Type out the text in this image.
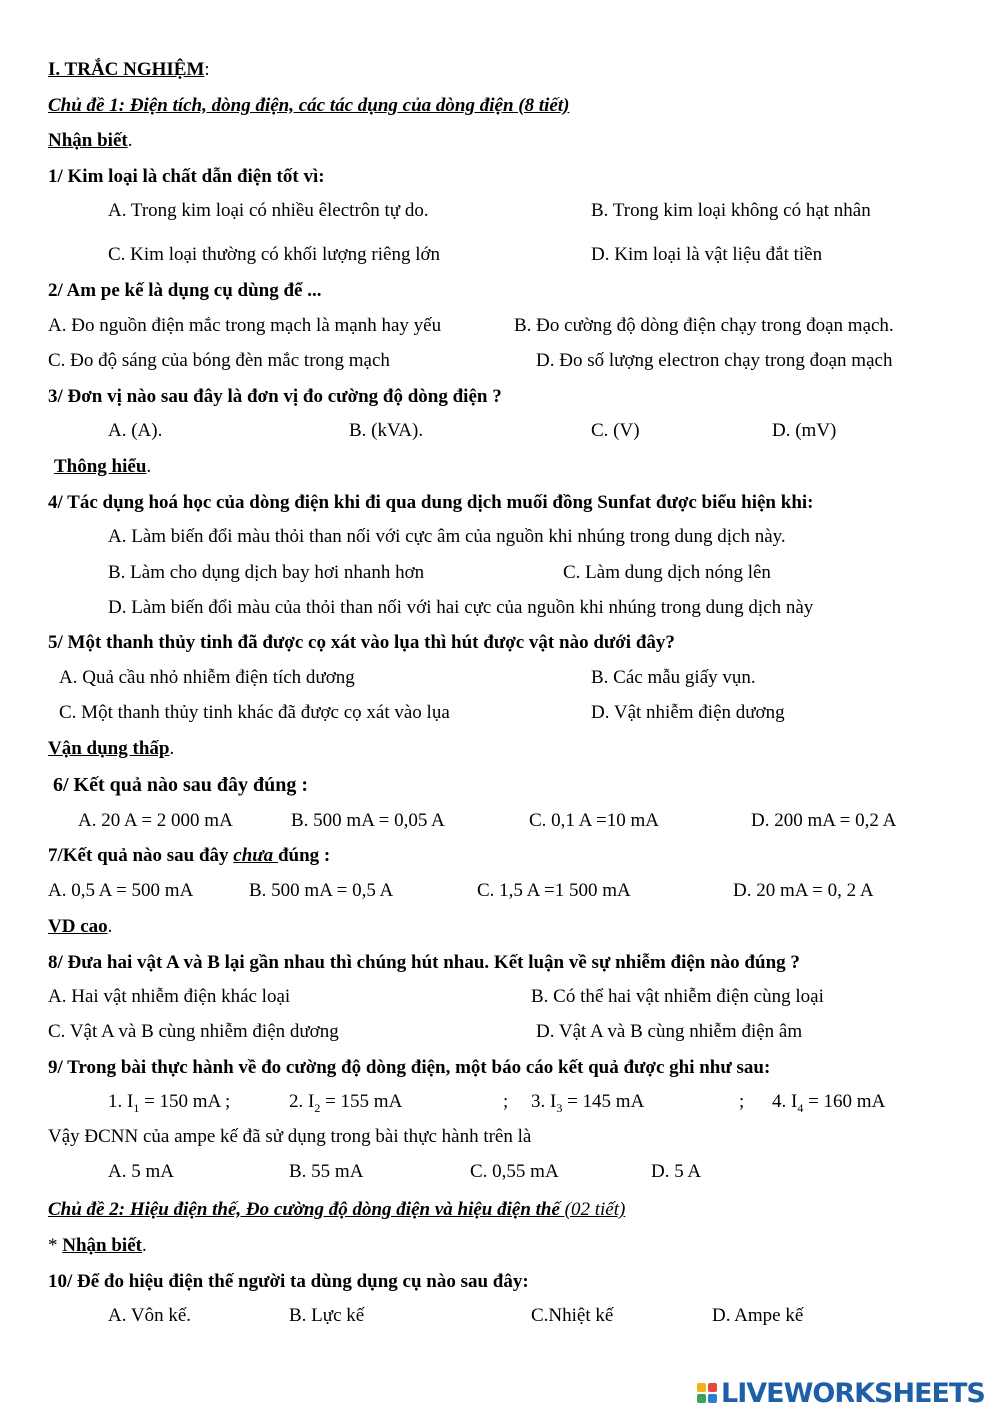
I. TRẮC NGHIỆM:
Chủ đề 1: Điện tích, dòng điện, các tác dụng của dòng điện (8 tiết)
Nhận biết.
1/ Kim loại là chất dẫn điện tốt vì:
A. Trong kim loại có nhiều êlectrôn tự do.	B. Trong kim loại không có hạt nhân
C. Kim loại thường có khối lượng riêng lớn	D. Kim loại là vật liệu đắt tiền
2/ Am pe kế là dụng cụ dùng để ...
A. Đo nguồn điện mắc trong mạch là mạnh hay yếu	B. Đo cường độ dòng điện chạy trong đoạn mạch.
C. Đo độ sáng của bóng đèn mắc trong mạch	D. Đo số lượng electron chạy trong đoạn mạch
3/ Đơn vị nào sau đây là đơn vị đo cường độ dòng điện ?
A. (A).	B. (kVA).	C. (V)	D. (mV)
Thông hiểu.
4/ Tác dụng hoá học của dòng điện khi đi qua dung dịch muối đồng Sunfat được biểu hiện khi:
A. Làm biến đổi màu thỏi than nối với cực âm của nguồn khi nhúng trong dung dịch này.
B. Làm cho dụng dịch bay hơi nhanh hơn	C. Làm dung dịch nóng lên
D. Làm biến đổi màu của thỏi than nối với hai cực của nguồn khi nhúng trong dung dịch này
5/ Một thanh thủy tinh đã được cọ xát vào lụa thì hút được vật nào dưới đây?
A. Quả cầu nhỏ nhiễm điện tích dương	B. Các mẫu giấy vụn.
C. Một thanh thủy tinh khác đã được cọ xát vào lụa	D. Vật nhiễm điện dương
Vận dụng thấp.
6/ Kết quả nào sau đây đúng :
A. 20 A = 2 000 mA	B. 500 mA = 0,05 A	C. 0,1 A =10 mA	D. 200 mA = 0,2 A
7/Kết quả nào sau đây chưa đúng :
A. 0,5 A = 500 mA	B. 500 mA = 0,5 A	C. 1,5 A =1 500 mA	D. 20 mA = 0, 2 A
VD cao.
8/ Đưa hai vật A và B lại gần nhau thì chúng hút nhau. Kết luận về sự nhiễm điện nào đúng ?
A. Hai vật nhiễm điện khác loại	B. Có thể hai vật nhiễm điện cùng loại
C. Vật A và B cùng nhiễm điện dương	D. Vật A và B cùng nhiễm điện âm
9/ Trong bài thực hành về đo cường độ dòng điện, một báo cáo kết quả được ghi như sau:
1. $I_1 = 150$ mA ;	2. $I_2 = 155$ mA	; 3. $I_3 = 145$ mA	; 4. $I_4 = 160$ mA
Vậy ĐCNN của ampe kế đã sử dụng trong bài thực hành trên là
A. 5 mA	B. 55 mA	C. 0,55 mA	D. 5 A
Chủ đề 2: Hiệu điện thế, Đo cường độ dòng điện và hiệu điện thế (02 tiết)
* Nhận biết.
10/ Để đo hiệu điện thế người ta dùng dụng cụ nào sau đây:
A. Vôn kế.	B. Lực kế	C.Nhiệt kế	D. Ampe kế
LIVEWORKSHEETS
